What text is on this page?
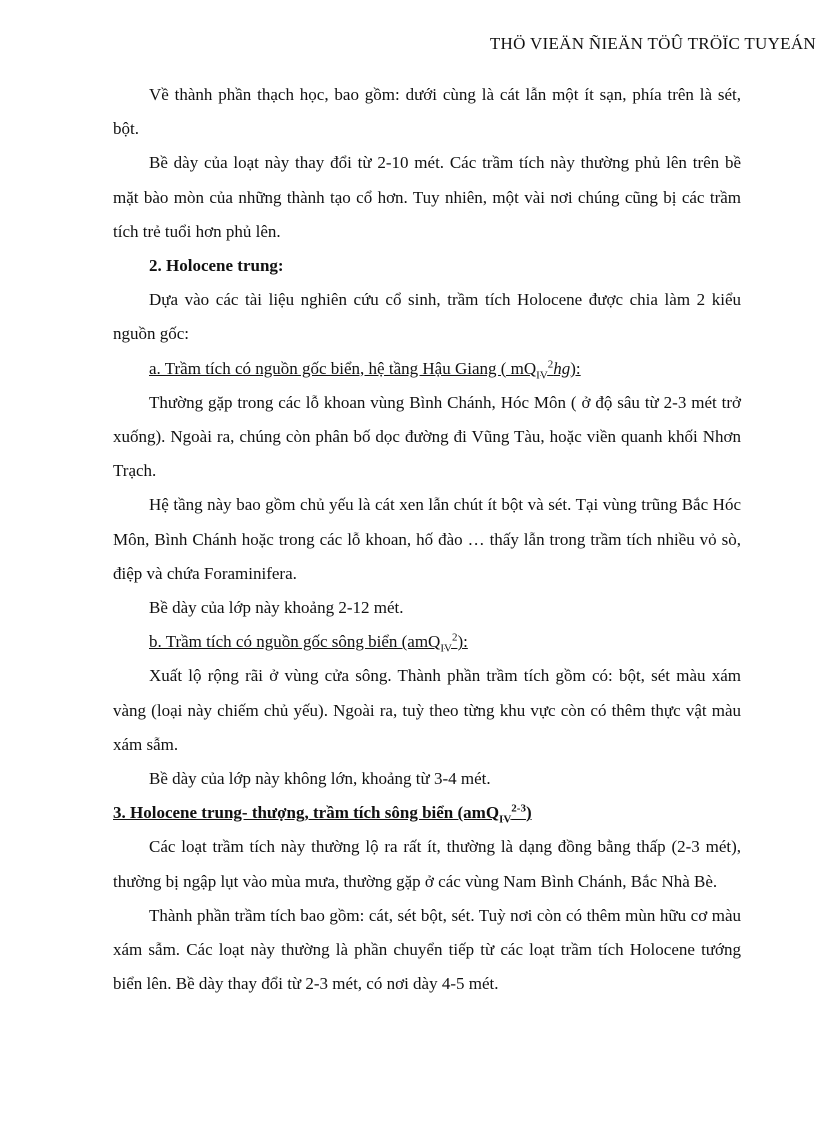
THÖ VIEÄN ÑIEÄN TÖÛ TRÖÏC TUYEÁN

Về thành phần thạch học, bao gồm: dưới cùng là cát lẫn một ít sạn, phía trên là sét, bột.

Bề dày của loạt này thay đổi từ 2-10 mét. Các trầm tích này thường phủ lên trên bề mặt bào mòn của những thành tạo cổ hơn. Tuy nhiên, một vài nơi chúng cũng bị các trầm tích trẻ tuổi hơn phủ lên.

2. Holocene trung:

Dựa vào các tài liệu nghiên cứu cổ sinh, trầm tích Holocene được chia làm 2 kiểu nguồn gốc:

a. Trầm tích có nguồn gốc biển, hệ tầng Hậu Giang ( $mQ_{IV}^2hg$):

Thường gặp trong các lỗ khoan vùng Bình Chánh, Hóc Môn ( ở độ sâu từ 2-3 mét trở xuống). Ngoài ra, chúng còn phân bố dọc đường đi Vũng Tàu, hoặc viền quanh khối Nhơn Trạch.

Hệ tầng này bao gồm chủ yếu là cát xen lẫn chút ít bột và sét. Tại vùng trũng Bắc Hóc Môn, Bình Chánh hoặc trong các lỗ khoan, hố đào … thấy lẫn trong trầm tích nhiều vỏ sò, điệp và chứa Foraminifera.

Bề dày của lớp này khoảng 2-12 mét.

b. Trầm tích có nguồn gốc sông biển (amQ$_{IV}^2$):

Xuất lộ rộng rãi ở vùng cửa sông. Thành phần trầm tích gồm có: bột, sét màu xám vàng (loại này chiếm chủ yếu). Ngoài ra, tuỳ theo từng khu vực còn có thêm thực vật màu xám sẫm.

Bề dày của lớp này không lớn, khoảng từ 3-4 mét.

3. Holocene trung- thượng, trầm tích sông biển (amQ$_{IV}^{2-3}$)

Các loạt trầm tích này thường lộ ra rất ít, thường là dạng đồng bằng thấp (2-3 mét), thường bị ngập lụt vào mùa mưa, thường gặp ở các vùng Nam Bình Chánh, Bắc Nhà Bè.

Thành phần trầm tích bao gồm: cát, sét bột, sét. Tuỳ nơi còn có thêm mùn hữu cơ màu xám sẫm. Các loạt này thường là phần chuyển tiếp từ các loạt trầm tích Holocene tướng biển lên. Bề dày thay đổi từ 2-3 mét, có nơi dày 4-5 mét.
